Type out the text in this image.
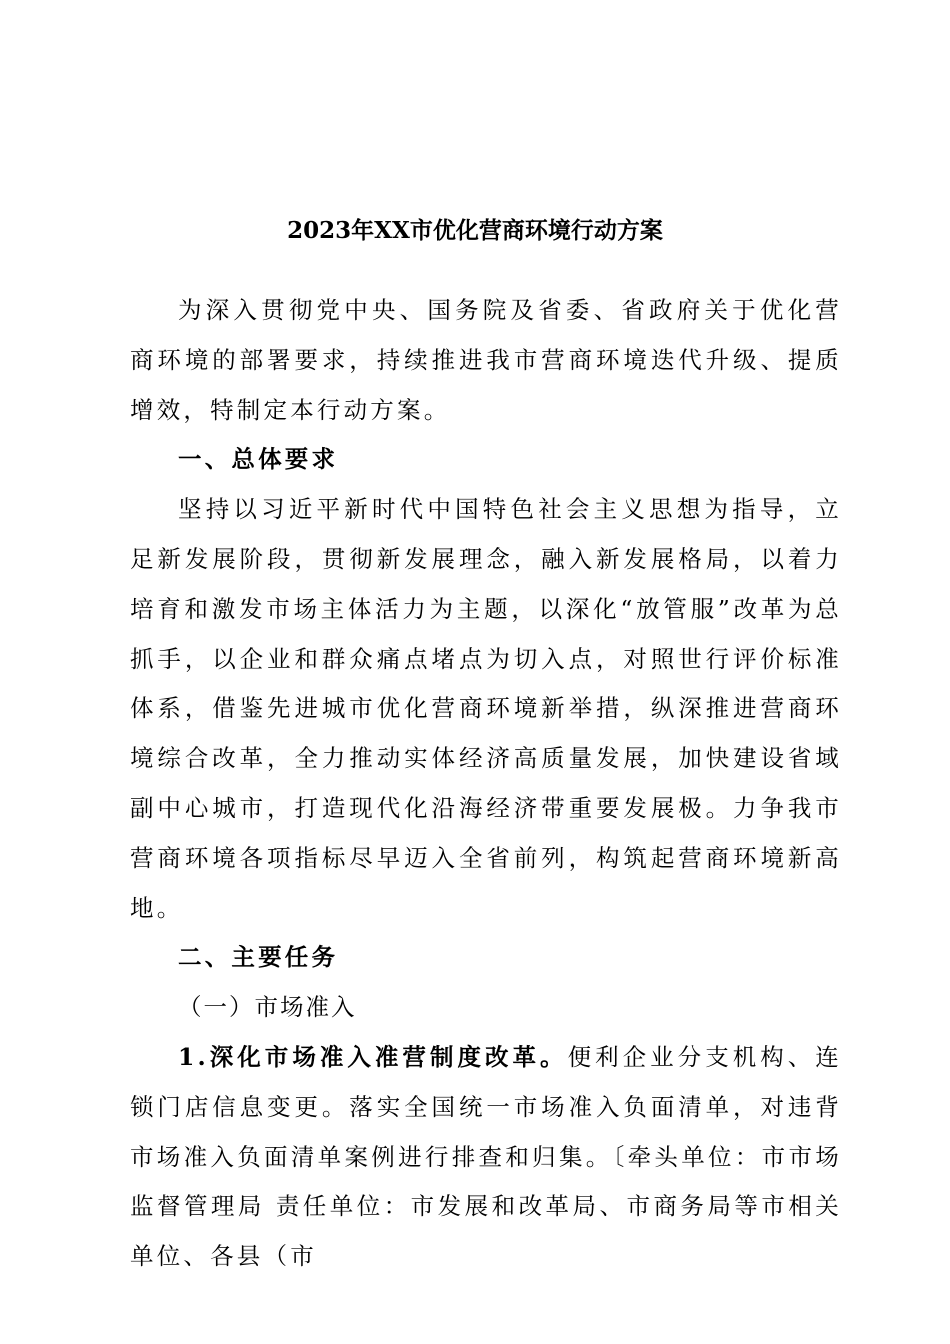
2023年XX市优化营商环境行动方案

为深入贯彻党中央、国务院及省委、省政府关于优化营商环境的部署要求，持续推进我市营商环境迭代升级、提质增效，特制定本行动方案。

一、总体要求

坚持以习近平新时代中国特色社会主义思想为指导，立足新发展阶段，贯彻新发展理念，融入新发展格局，以着力培育和激发市场主体活力为主题，以深化“放管服”改革为总抓手，以企业和群众痛点堵点为切入点，对照世行评价标准体系，借鉴先进城市优化营商环境新举措，纵深推进营商环境综合改革，全力推动实体经济高质量发展，加快建设省域副中心城市，打造现代化沿海经济带重要发展极。力争我市营商环境各项指标尽早迈入全省前列，构筑起营商环境新高地。

二、主要任务

（一）市场准入

1.深化市场准入准营制度改革。便利企业分支机构、连锁门店信息变更。落实全国统一市场准入负面清单，对违背市场准入负面清单案例进行排查和归集。〔牵头单位：市市场监督管理局 责任单位：市发展和改革局、市商务局等市相关单位、各县（市
